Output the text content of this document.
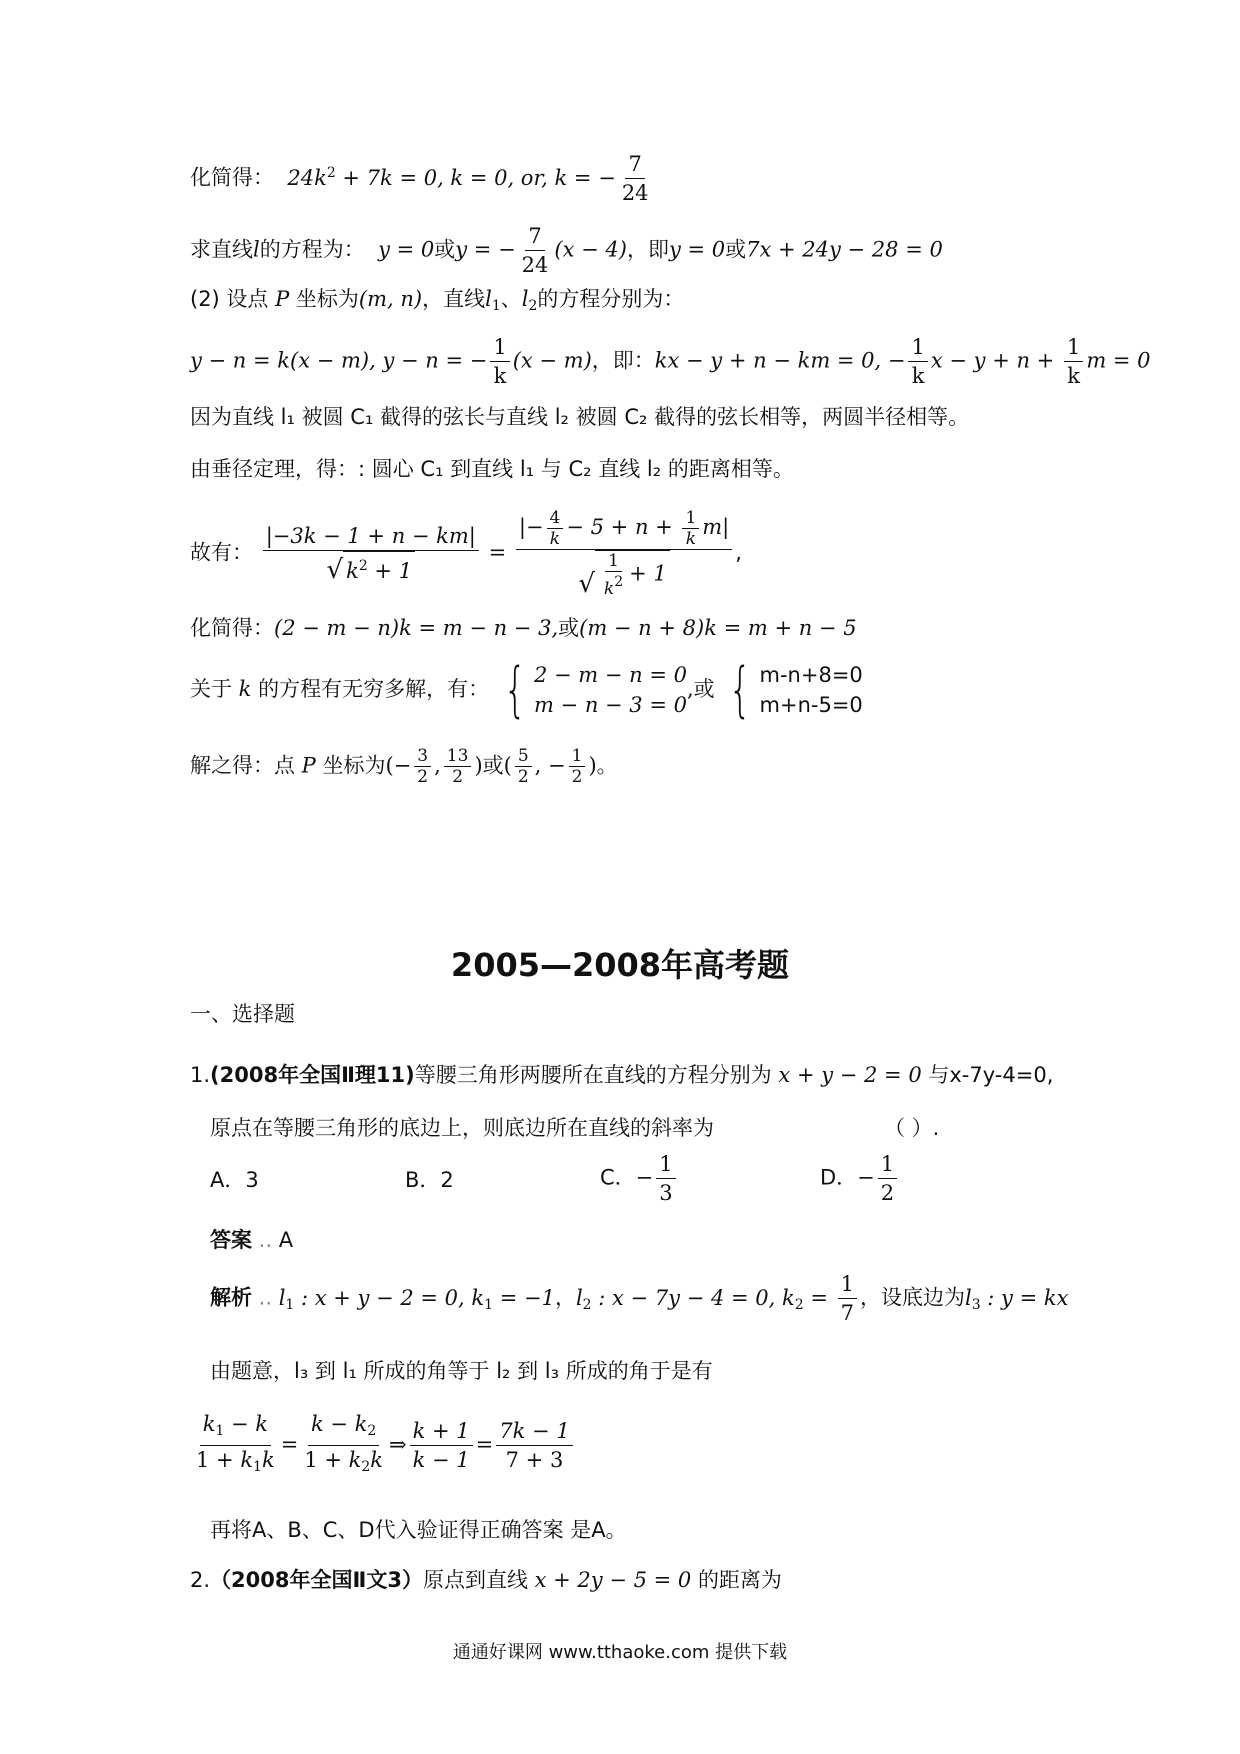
化简得：  $24k^2 + 7k = 0$, k = 0, or, k = − $\frac{7}{24}$
求直线l的方程为：  y = 0或y = − $\frac{7}{24} (x - 4)$，即y = 0或7x + 24y − 28 = 0
(2) 设点 P 坐标为(m, n)，直线$l_1$、$l_2$的方程分别为：
y − n = k(x − m), y − n = − $\frac{1}{k} (x - m)$，即：kx − y + n − km = 0, − $\frac{1}{k}$ $x - y + n + \frac{1}{k}$ m = 0
因为直线 l₁ 被圆 C₁ 截得的弦长与直线 l₂ 被圆 C₂ 截得的弦长相等，两圆半径相等。
由垂径定理，得：: 圆心 C₁ 到直线 l₁ 与 C₂ 直线 l₂ 的距离相等。
故有： $\frac{|-3k - 1 + n - km|}{√ k^2 + 1} = \frac{|- \frac{4}{k} - 5 + n + \frac{1}{k} m|}{√ \frac{1}{k^2} + 1}$ ,
化简得：(2 − m − n)k = m − n − 3,或(m − n + 8)k = m + n − 5
关于 k 的方程有无穷多解，有： { 2 − m − n = 0
m − n − 3 = 0
,或 { m-n+8=0
m+n-5=0
解之得：点 P 坐标为(− $\frac{3}{2}$ , $\frac{13}{2}$ )或( $\frac{5}{2}$ , − $\frac{1}{2}$ )。
2005—2008年高考题
一、选择题
1.(2008年全国Ⅱ理11)等腰三角形两腰所在直线的方程分别为 x + y − 2 = 0 与x-7y-4=0,
原点在等腰三角形的底边上，则底边所在直线的斜率为	（ ）.
A．3	B．2	C．− $\frac{1}{3}$	D．− $\frac{1}{2}$
答案 .. A
解析 .. $l_1$ : x + y − 2 = 0, $k_1 = -1$，$l_2$ : x − 7y − 4 = 0, $k_2 = \frac{1}{7}$ ，设底边为$l_3$ : y = kx
由题意，l₃ 到 l₁ 所成的角等于 l₂ 到 l₃ 所成的角于是有
$\frac{k_1 - k}{1 + k_1k} = \frac{k - k_2}{1 + k_2k}$ ⇒ $\frac{k + 1}{k - 1} = \frac{7k - 1}{7 + 3}$
再将A、B、C、D代入验证得正确答案 是A。
2.（2008年全国Ⅱ文3）原点到直线 x + 2y − 5 = 0 的距离为
通通好课网 www.tthaoke.com 提供下载
